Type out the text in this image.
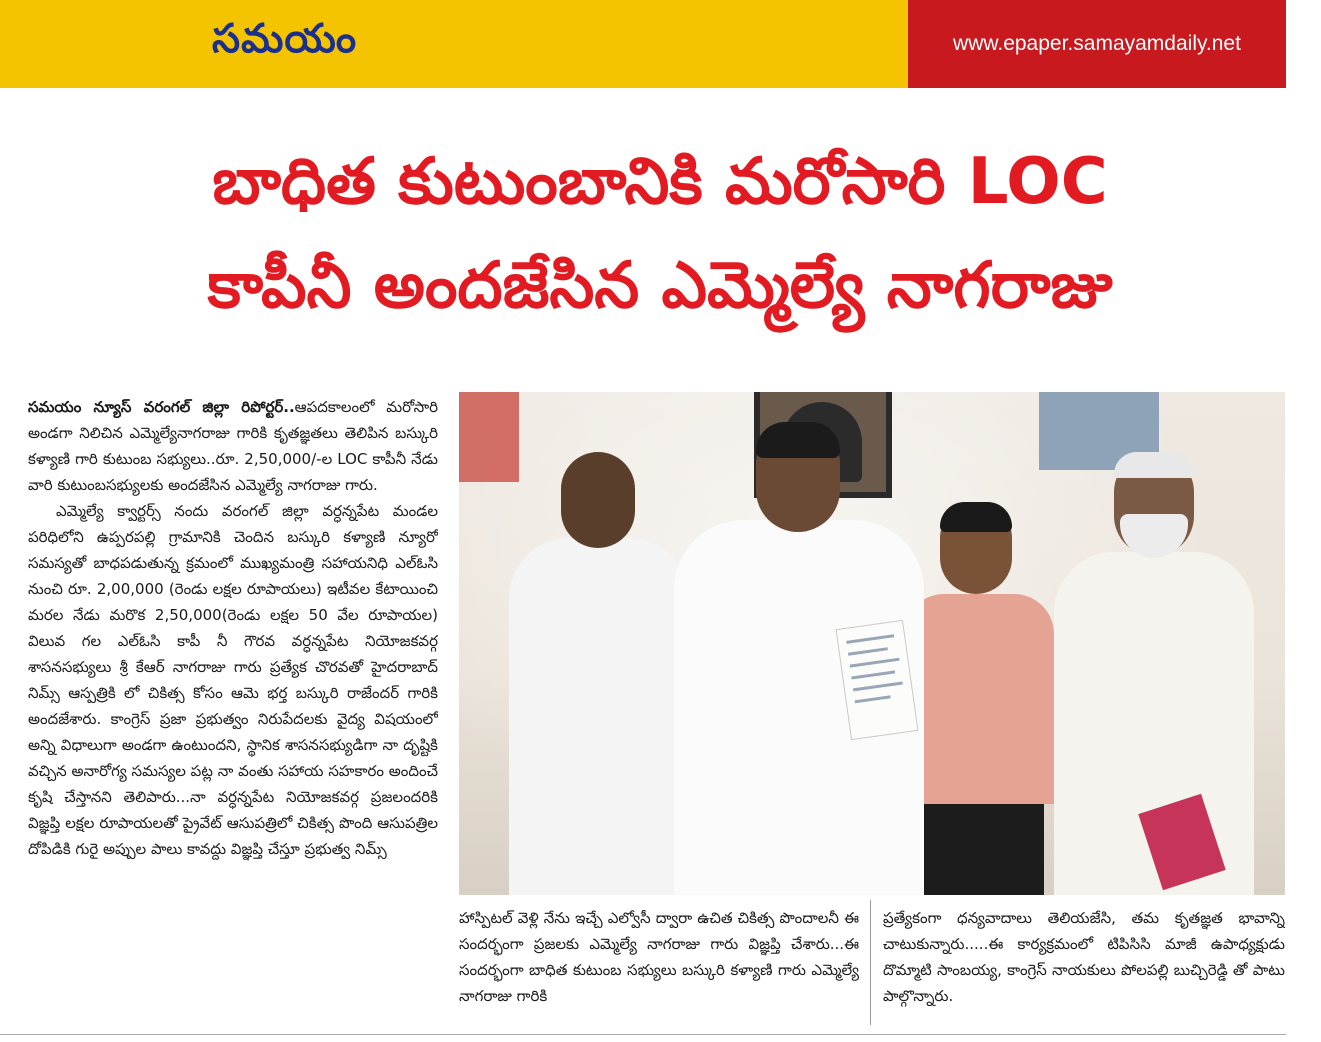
సమయం	www.epaper.samayamdaily.net
బాధిత కుటుంబానికి మరోసారి LOC
కాపీనీ అందజేసిన ఎమ్మెల్యే నాగరాజు

సమయం న్యూస్ వరంగల్ జిల్లా రిపోర్టర్..ఆపదకాలంలో మరోసారి అండగా నిలిచిన ఎమ్మెల్యేనాగరాజు గారికి కృతజ్ఞతలు తెలిపిన బస్కురి కళ్యాణి గారి కుటుంబ సభ్యులు..రూ. 2,50,000/-ల LOC కాపీనీ నేడు వారి కుటుంబసభ్యులకు అందజేసిన ఎమ్మెల్యే నాగరాజు గారు.

ఎమ్మెల్యే క్వార్టర్స్ నందు వరంగల్ జిల్లా వర్ధన్నపేట మండల పరిధిలోని ఉప్పరపల్లి గ్రామానికి చెందిన బస్కురి కళ్యాణి న్యూరో సమస్యతో బాధపడుతున్న క్రమంలో ముఖ్యమంత్రి సహాయనిధి ఎల్ఓసి నుంచి రూ. 2,00,000 (రెండు లక్షల రూపాయలు) ఇటీవల కేటాయించి మరల నేడు మరొక 2,50,000(రెండు లక్షల 50 వేల రూపాయల) విలువ గల ఎల్ఓసి కాపీ నీ గౌరవ వర్ధన్నపేట నియోజకవర్గ శాసనసభ్యులు శ్రీ కేఆర్ నాగరాజు గారు ప్రత్యేక చొరవతో హైదరాబాద్ నిమ్స్ ఆస్పత్రికి లో చికిత్స కోసం ఆమె భర్త బస్కురి రాజేందర్ గారికి అందజేశారు. కాంగ్రెస్ ప్రజా ప్రభుత్వం నిరుపేదలకు వైద్య విషయంలో అన్ని విధాలుగా అండగా ఉంటుందని, స్థానిక శాసనసభ్యుడిగా నా దృష్టికి వచ్చిన అనారోగ్య సమస్యల పట్ల నా వంతు సహాయ సహకారం అందించే కృషి చేస్తానని తెలిపారు...నా వర్ధన్నపేట నియోజకవర్గ ప్రజలందరికి విజ్ఞప్తి లక్షల రూపాయలతో ప్రైవేట్ ఆసుపత్రిలో చికిత్స పొంది ఆసుపత్రిల దోపిడికి గురై అప్పుల పాలు కావద్దు విజ్ఞప్తి చేస్తూ ప్రభుత్వ నిమ్స్

హాస్పిటల్ వెళ్లి నేను ఇచ్చే ఎల్వోసీ ద్వారా ఉచిత చికిత్స పొందాలనీ ఈ సందర్భంగా ప్రజలకు ఎమ్మెల్యే నాగరాజు గారు విజ్ఞప్తి చేశారు...ఈ సందర్భంగా బాధిత కుటుంబ సభ్యులు బస్కురి కళ్యాణి గారు ఎమ్మెల్యే నాగరాజు గారికి
ప్రత్యేకంగా ధన్యవాదాలు తెలియజేసి, తమ కృతజ్ఞత భావాన్ని చాటుకున్నారు.....ఈ కార్యక్రమంలో టిపిసిసి మాజీ ఉపాధ్యక్షుడు దొమ్మాటి సాంబయ్య, కాంగ్రెస్ నాయకులు పోలపల్లి బుచ్చిరెడ్డి తో పాటు పాల్గొన్నారు.
